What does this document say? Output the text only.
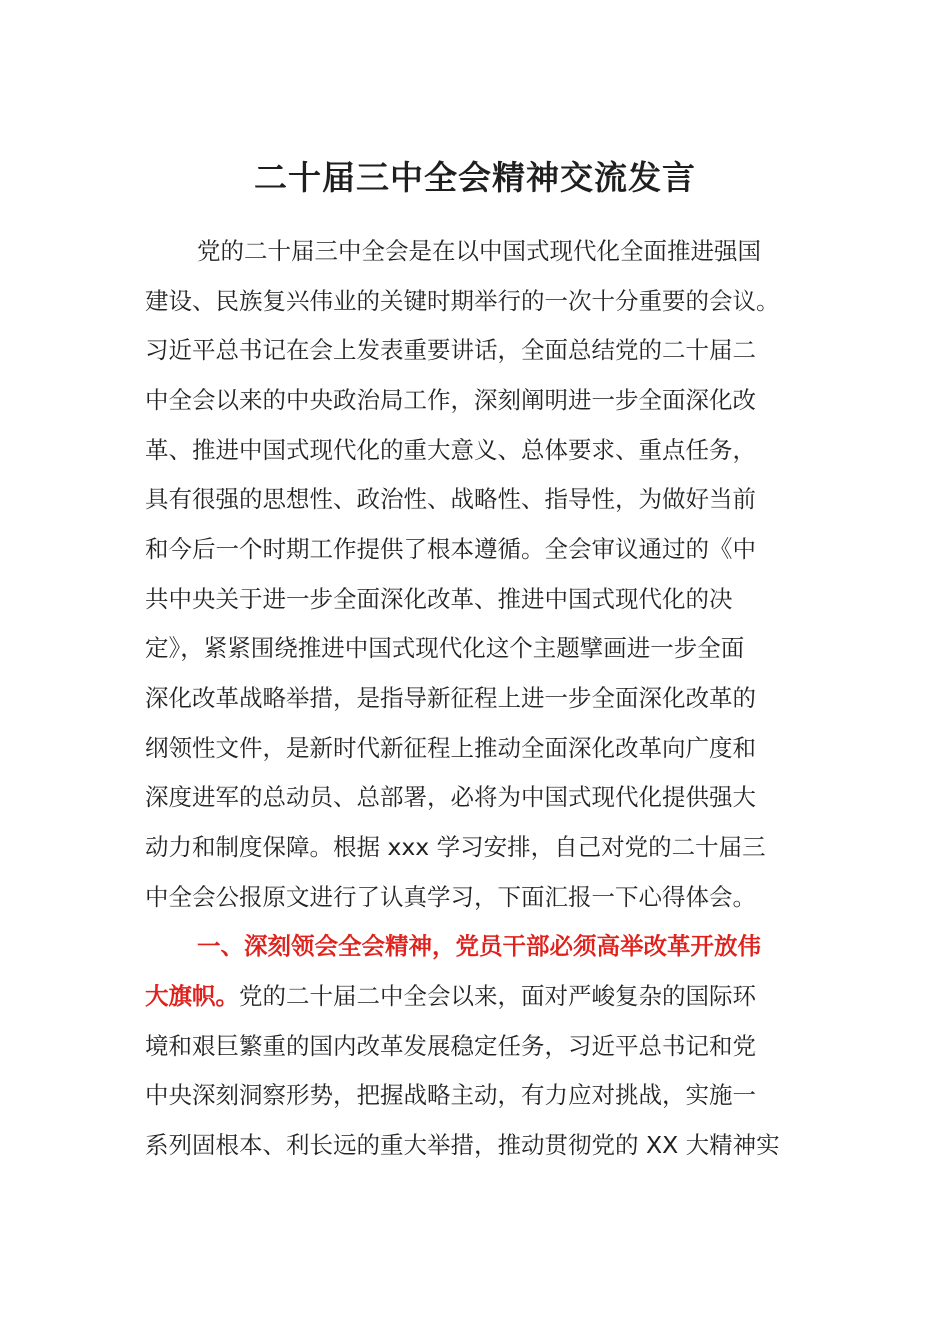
二十届三中全会精神交流发言
党的二十届三中全会是在以中国式现代化全面推进强国
建设、民族复兴伟业的关键时期举行的一次十分重要的会议。
习近平总书记在会上发表重要讲话，全面总结党的二十届二
中全会以来的中央政治局工作，深刻阐明进一步全面深化改
革、推进中国式现代化的重大意义、总体要求、重点任务，
具有很强的思想性、政治性、战略性、指导性，为做好当前
和今后一个时期工作提供了根本遵循。全会审议通过的《中
共中央关于进一步全面深化改革、推进中国式现代化的决
定》，紧紧围绕推进中国式现代化这个主题擘画进一步全面
深化改革战略举措，是指导新征程上进一步全面深化改革的
纲领性文件，是新时代新征程上推动全面深化改革向广度和
深度进军的总动员、总部署，必将为中国式现代化提供强大
动力和制度保障。根据 xxx 学习安排，自己对党的二十届三
中全会公报原文进行了认真学习，下面汇报一下心得体会。
一、深刻领会全会精神，党员干部必须高举改革开放伟
大旗帜。党的二十届二中全会以来，面对严峻复杂的国际环
境和艰巨繁重的国内改革发展稳定任务，习近平总书记和党
中央深刻洞察形势，把握战略主动，有力应对挑战，实施一
系列固根本、利长远的重大举措，推动贯彻党的 XX 大精神实
